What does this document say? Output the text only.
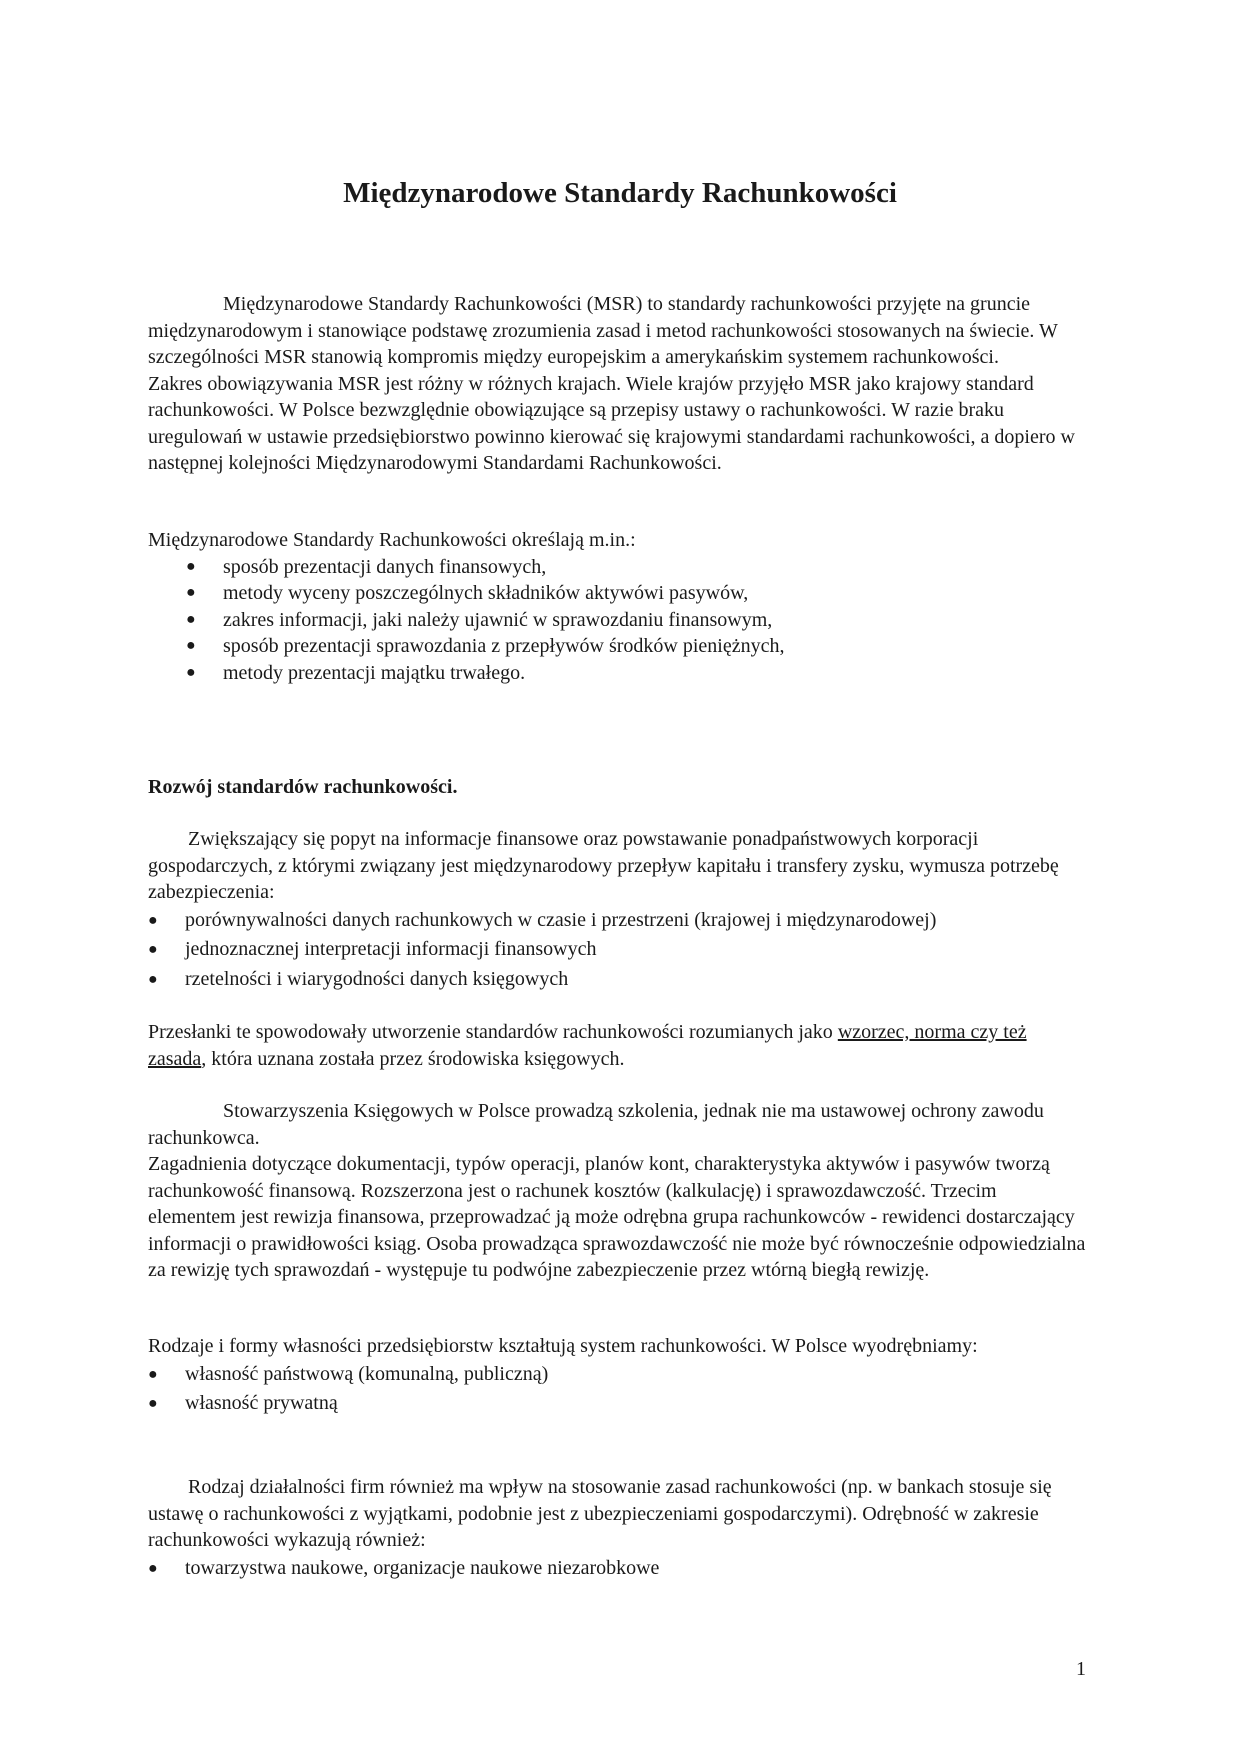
Międzynarodowe Standardy Rachunkowości

Międzynarodowe Standardy Rachunkowości (MSR) to standardy rachunkowości przyjęte na gruncie międzynarodowym i stanowiące podstawę zrozumienia zasad i metod rachunkowości stosowanych na świecie. W szczególności MSR stanowią kompromis między europejskim a amerykańskim systemem rachunkowości.

Zakres obowiązywania MSR jest różny w różnych krajach. Wiele krajów przyjęło MSR jako krajowy standard rachunkowości. W Polsce bezwzględnie obowiązujące są przepisy ustawy o rachunkowości. W razie braku uregulowań w ustawie przedsiębiorstwo powinno kierować się krajowymi standardami rachunkowości, a dopiero w następnej kolejności Międzynarodowymi Standardami Rachunkowości.

Międzynarodowe Standardy Rachunkowości określają m.in.:

● sposób prezentacji danych finansowych,
● metody wyceny poszczególnych składników aktywówi pasywów,
● zakres informacji, jaki należy ujawnić w sprawozdaniu finansowym,
● sposób prezentacji sprawozdania z przepływów środków pieniężnych,
● metody prezentacji majątku trwałego.
Rozwój standardów rachunkowości.

Zwiększający się popyt na informacje finansowe oraz powstawanie ponadpaństwowych korporacji gospodarczych, z którymi związany jest międzynarodowy przepływ kapitału i transfery zysku, wymusza potrzebę zabezpieczenia:

● porównywalności danych rachunkowych w czasie i przestrzeni (krajowej i międzynarodowej)
● jednoznacznej interpretacji informacji finansowych
● rzetelności i wiarygodności danych księgowych

Przesłanki te spowodowały utworzenie standardów rachunkowości rozumianych jako wzorzec, norma czy też zasada, która uznana została przez środowiska księgowych.

Stowarzyszenia Księgowych w Polsce prowadzą szkolenia, jednak nie ma ustawowej ochrony zawodu rachunkowca.

Zagadnienia dotyczące dokumentacji, typów operacji, planów kont, charakterystyka aktywów i pasywów tworzą rachunkowość finansową. Rozszerzona jest o rachunek kosztów (kalkulację) i sprawozdawczość. Trzecim elementem jest rewizja finansowa, przeprowadzać ją może odrębna grupa rachunkowców - rewidenci dostarczający informacji o prawidłowości ksiąg. Osoba prowadząca sprawozdawczość nie może być równocześnie odpowiedzialna za rewizję tych sprawozdań - występuje tu podwójne zabezpieczenie przez wtórną biegłą rewizję.

Rodzaje i formy własności przedsiębiorstw kształtują system rachunkowości. W Polsce wyodrębniamy:

● własność państwową (komunalną, publiczną)
● własność prywatną

Rodzaj działalności firm również ma wpływ na stosowanie zasad rachunkowości (np. w bankach stosuje się ustawę o rachunkowości z wyjątkami, podobnie jest z ubezpieczeniami gospodarczymi). Odrębność w zakresie rachunkowości wykazują również:

● towarzystwa naukowe, organizacje naukowe niezarobkowe
1
